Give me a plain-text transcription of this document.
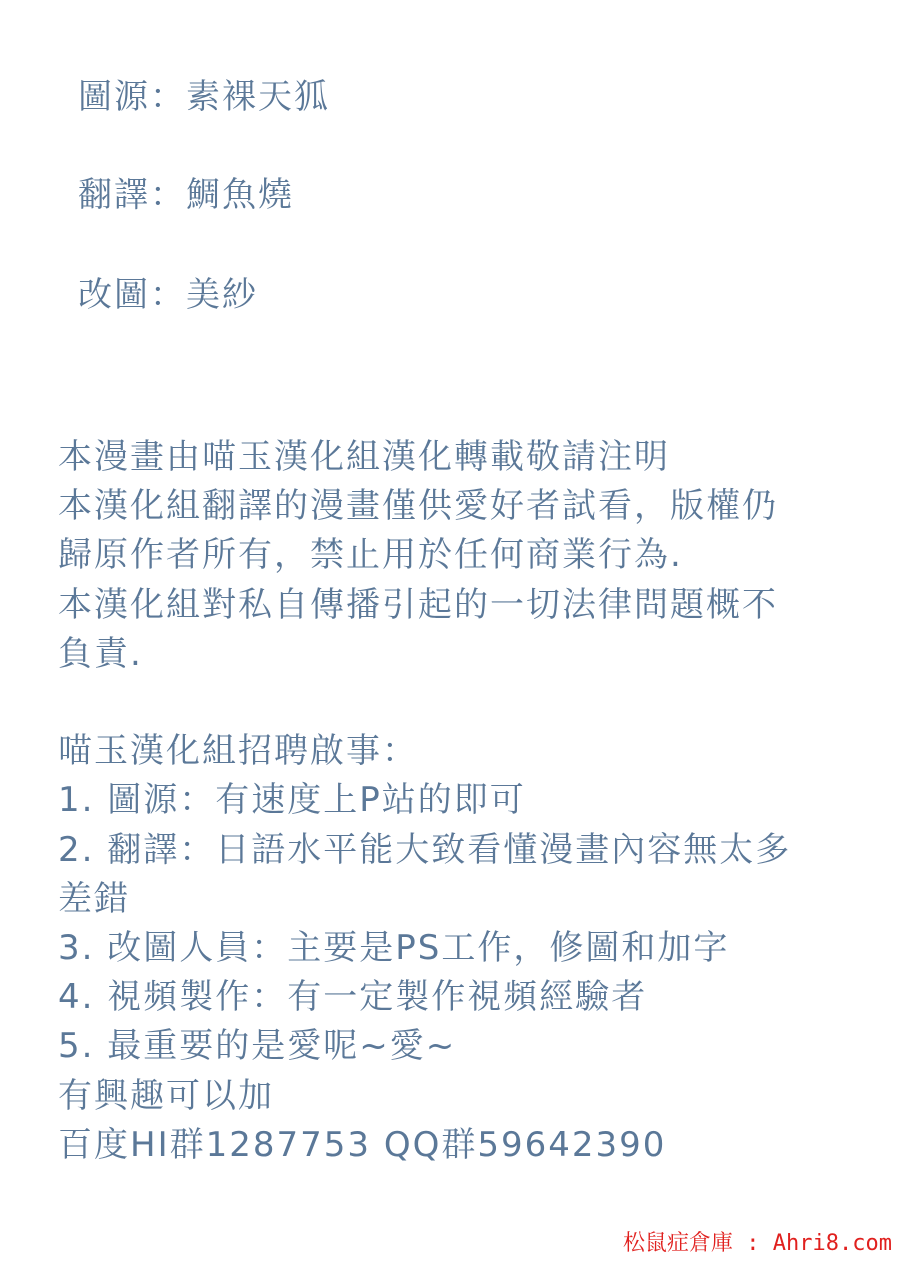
圖源：素裸天狐
翻譯：鯛魚燒
改圖：美紗
本漫畫由喵玉漢化組漢化轉載敬請注明
本漢化組翻譯的漫畫僅供愛好者試看，版權仍
歸原作者所有，禁止用於任何商業行為.
本漢化組對私自傳播引起的一切法律問題概不
負責.
喵玉漢化組招聘啟事：
1. 圖源：有速度上P站的即可
2. 翻譯：日語水平能大致看懂漫畫內容無太多
差錯
3. 改圖人員：主要是PS工作，修圖和加字
4. 視頻製作：有一定製作視頻經驗者
5. 最重要的是愛呢~愛~
有興趣可以加
百度HI群1287753 QQ群59642390
松鼠症倉庫 : Ahri8.com
